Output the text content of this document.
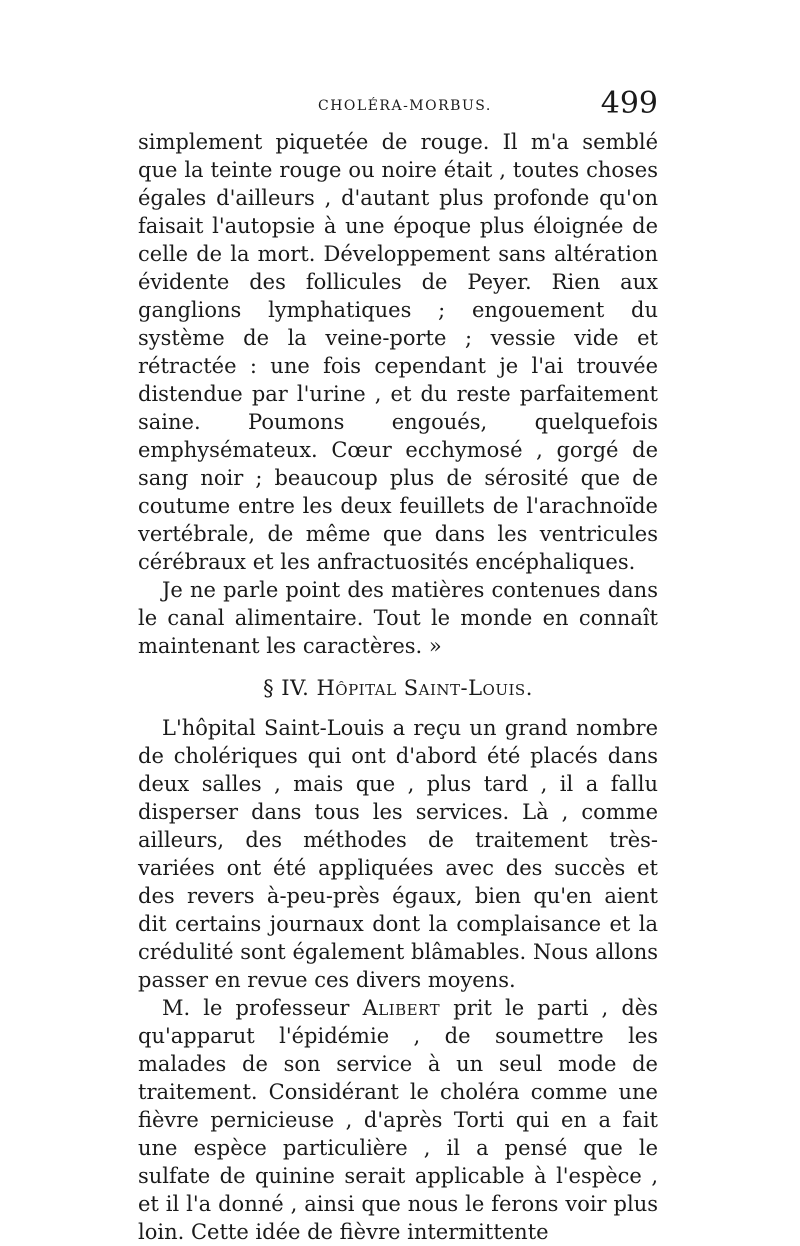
CHOLÉRA-MORBUS.	499

simplement piquetée de rouge. Il m'a semblé que la teinte rouge ou noire était , toutes choses égales d'ailleurs , d'autant plus profonde qu'on faisait l'autopsie à une époque plus éloignée de celle de la mort. Développement sans altération évidente des follicules de Peyer. Rien aux ganglions lymphatiques ; engouement du système de la veine-porte ; vessie vide et rétractée : une fois cependant je l'ai trouvée distendue par l'urine , et du reste parfaitement saine. Poumons engoués, quelquefois emphysémateux. Cœur ecchymosé , gorgé de sang noir ; beaucoup plus de sérosité que de coutume entre les deux feuillets de l'arachnoïde vertébrale, de même que dans les ventricules cérébraux et les anfractuosités encéphaliques.

Je ne parle point des matières contenues dans le canal alimentaire. Tout le monde en connaît maintenant les caractères. »

§ IV. Hôpital Saint-Louis.

L'hôpital Saint-Louis a reçu un grand nombre de cholériques qui ont d'abord été placés dans deux salles , mais que , plus tard , il a fallu disperser dans tous les services. Là , comme ailleurs, des méthodes de traitement très-variées ont été appliquées avec des succès et des revers à-peu-près égaux, bien qu'en aient dit certains journaux dont la complaisance et la crédulité sont également blâmables. Nous allons passer en revue ces divers moyens.

M. le professeur Alibert prit le parti , dès qu'apparut l'épidémie , de soumettre les malades de son service à un seul mode de traitement. Considérant le choléra comme une fièvre pernicieuse , d'après Torti qui en a fait une espèce particulière , il a pensé que le sulfate de quinine serait applicable à l'espèce , et il l'a donné , ainsi que nous le ferons voir plus loin. Cette idée de fièvre intermittente
